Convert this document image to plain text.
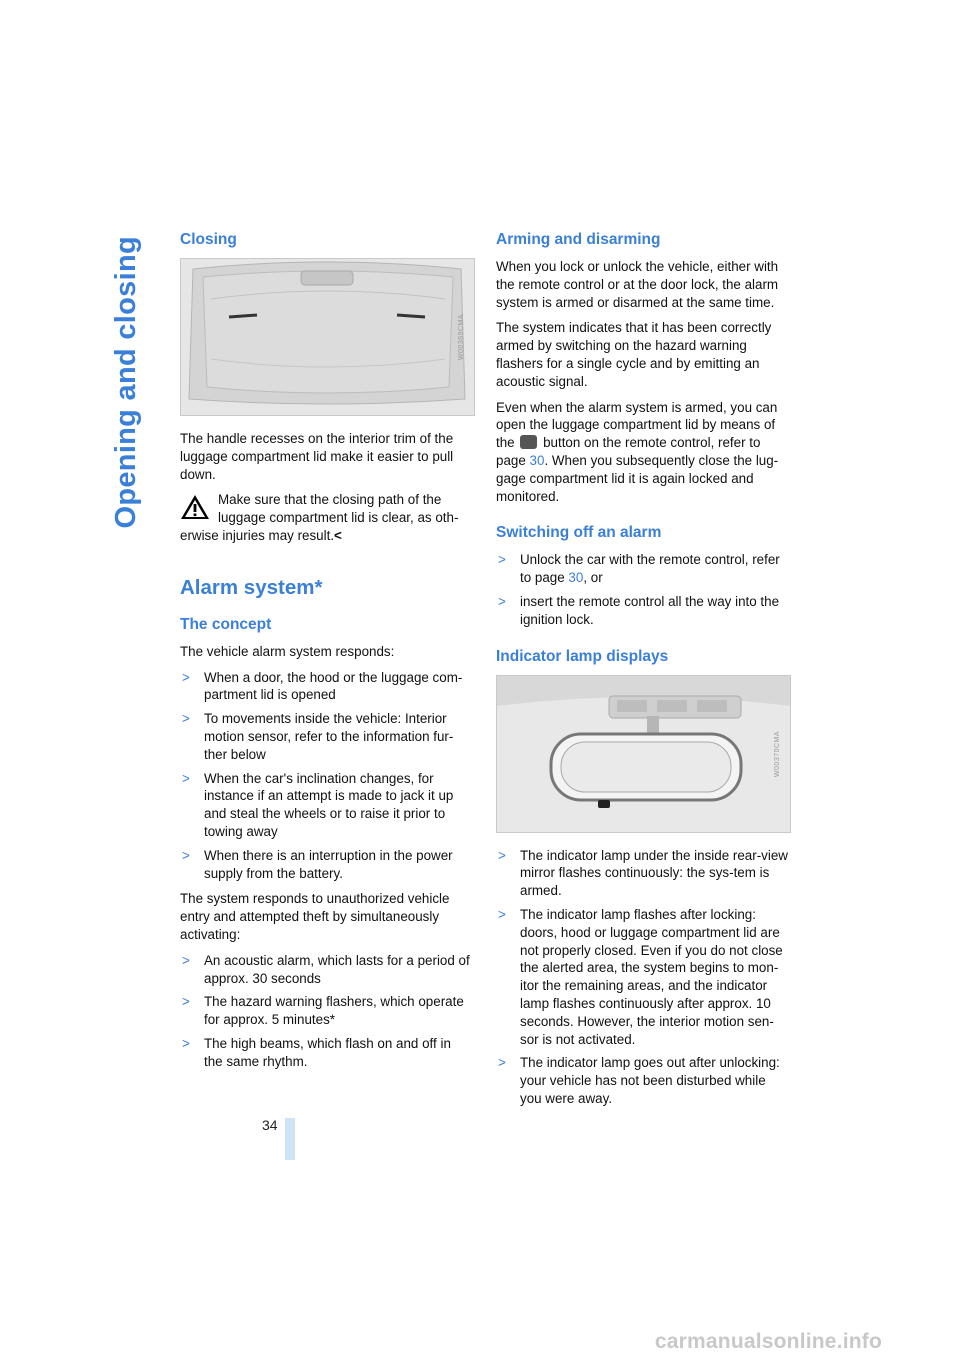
Opening and closing	Closing
W00369CMA

The handle recesses on the interior trim of the luggage compartment lid make it easier to pull down.

Make sure that the closing path of the luggage compartment lid is clear, as oth-erwise injuries may result.<

Alarm system*
The concept

The vehicle alarm system responds:

> When a door, the hood or the luggage com-partment lid is opened
> To movements inside the vehicle: Interior motion sensor, refer to the information fur-ther below
> When the car's inclination changes, for instance if an attempt is made to jack it up and steal the wheels or to raise it prior to towing away
> When there is an interruption in the power supply from the battery.

The system responds to unauthorized vehicle entry and attempted theft by simultaneously activating:

> An acoustic alarm, which lasts for a period of approx. 30 seconds
> The hazard warning flashers, which operate for approx. 5 minutes*
> The high beams, which flash on and off in the same rhythm.
Arming and disarming

When you lock or unlock the vehicle, either with the remote control or at the door lock, the alarm system is armed or disarmed at the same time.

The system indicates that it has been correctly armed by switching on the hazard warning flashers for a single cycle and by emitting an acoustic signal.

Even when the alarm system is armed, you can open the luggage compartment lid by means of the button on the remote control, refer to page 30. When you subsequently close the lug-gage compartment lid it is again locked and monitored.

Switching off an alarm
> Unlock the car with the remote control, refer to page 30, or
> insert the remote control all the way into the ignition lock.
Indicator lamp displays
W00370CMA
> The indicator lamp under the inside rear-view mirror flashes continuously: the sys-tem is armed.
> The indicator lamp flashes after locking: doors, hood or luggage compartment lid are not properly closed. Even if you do not close the alerted area, the system begins to mon-itor the remaining areas, and the indicator lamp flashes continuously after approx. 10 seconds. However, the interior motion sen-sor is not activated.
> The indicator lamp goes out after unlocking: your vehicle has not been disturbed while you were away.
34
carmanualsonline.info
